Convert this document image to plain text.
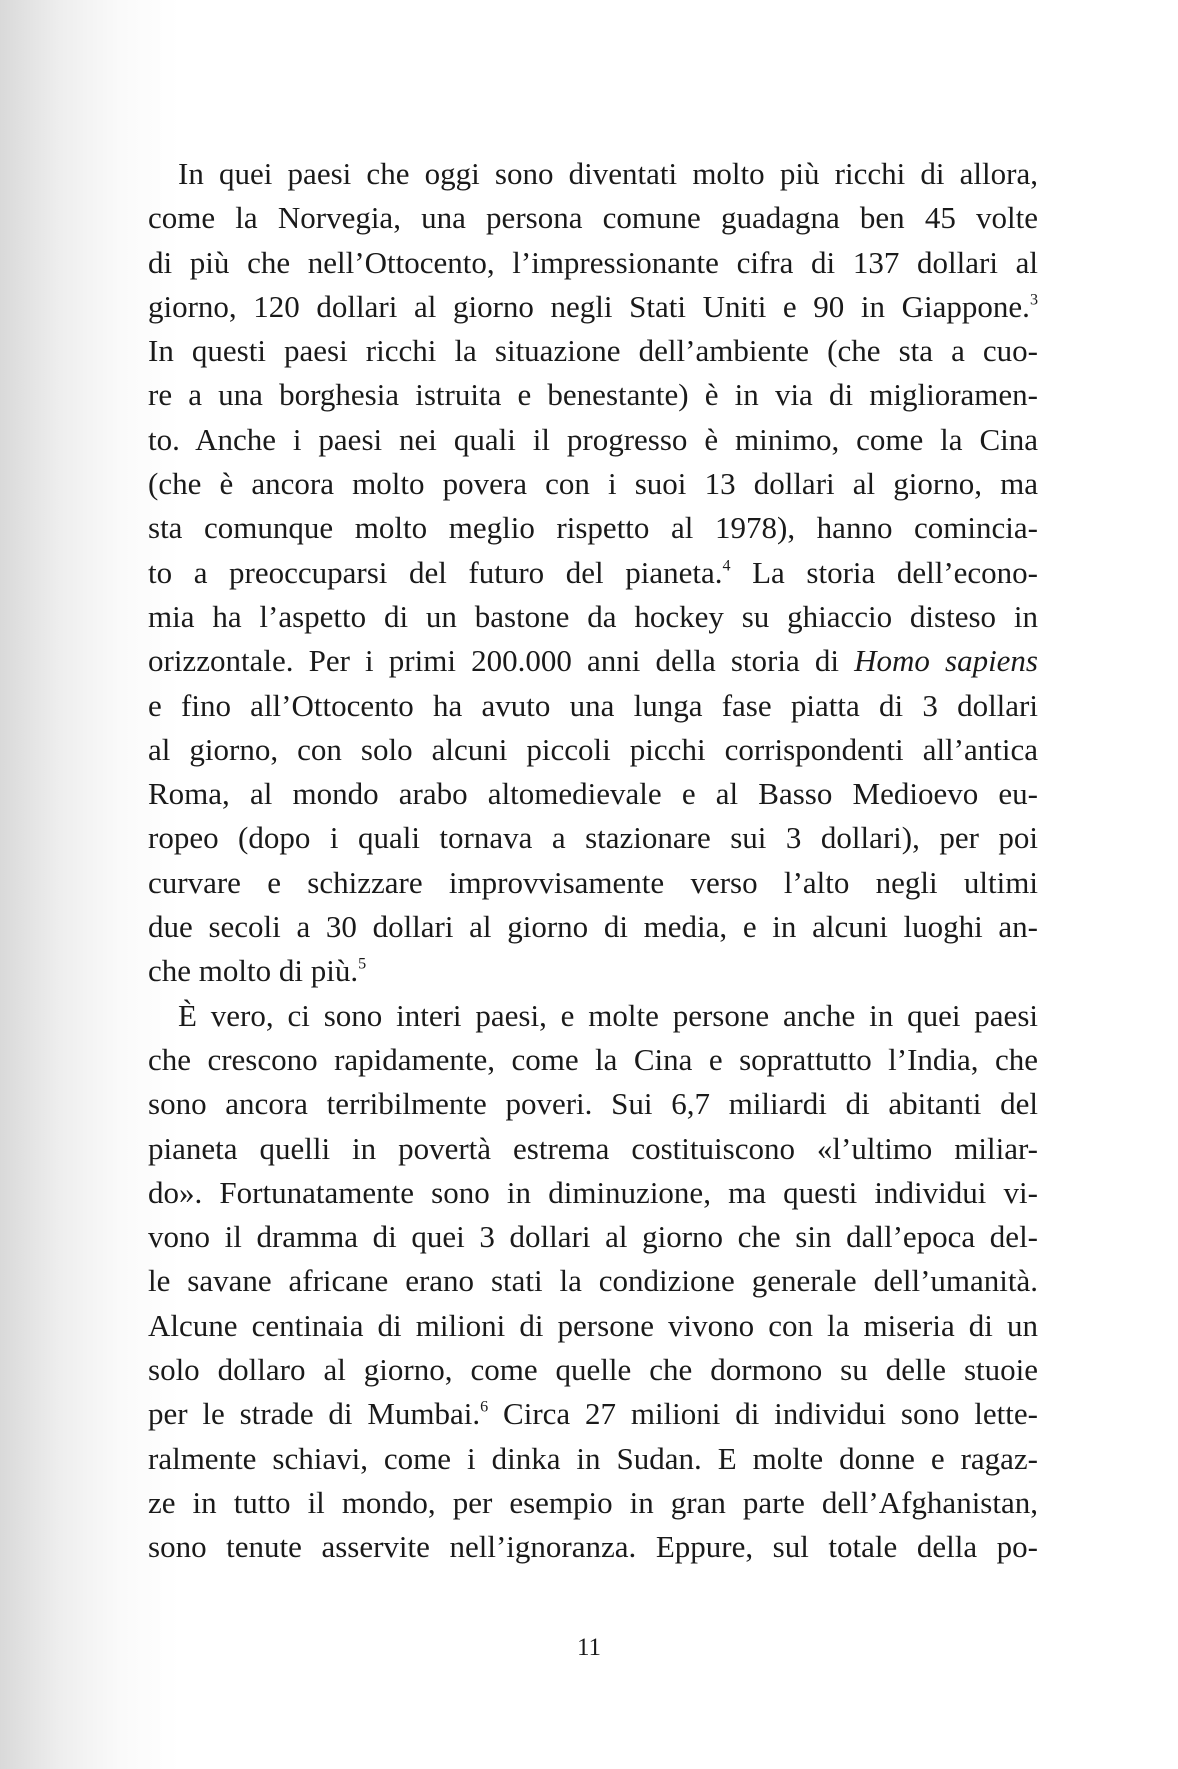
In quei paesi che oggi sono diventati molto più ricchi di allora,
come la Norvegia, una persona comune guadagna ben 45 volte
di più che nell’Ottocento, l’impressionante cifra di 137 dollari al
giorno, 120 dollari al giorno negli Stati Uniti e 90 in Giappone.$^3$
In questi paesi ricchi la situazione dell’ambiente (che sta a cuo-
re a una borghesia istruita e benestante) è in via di miglioramen-
to. Anche i paesi nei quali il progresso è minimo, come la Cina
(che è ancora molto povera con i suoi 13 dollari al giorno, ma
sta comunque molto meglio rispetto al 1978), hanno comincia-
to a preoccuparsi del futuro del pianeta.$^4$ La storia dell’econo-
mia ha l’aspetto di un bastone da hockey su ghiaccio disteso in
orizzontale. Per i primi 200.000 anni della storia di Homo sapiens
e fino all’Ottocento ha avuto una lunga fase piatta di 3 dollari
al giorno, con solo alcuni piccoli picchi corrispondenti all’antica
Roma, al mondo arabo altomedievale e al Basso Medioevo eu-
ropeo (dopo i quali tornava a stazionare sui 3 dollari), per poi
curvare e schizzare improvvisamente verso l’alto negli ultimi
due secoli a 30 dollari al giorno di media, e in alcuni luoghi an-
che molto di più.$^5$
È vero, ci sono interi paesi, e molte persone anche in quei paesi
che crescono rapidamente, come la Cina e soprattutto l’India, che
sono ancora terribilmente poveri. Sui 6,7 miliardi di abitanti del
pianeta quelli in povertà estrema costituiscono «l’ultimo miliar-
do». Fortunatamente sono in diminuzione, ma questi individui vi-
vono il dramma di quei 3 dollari al giorno che sin dall’epoca del-
le savane africane erano stati la condizione generale dell’umanità.
Alcune centinaia di milioni di persone vivono con la miseria di un
solo dollaro al giorno, come quelle che dormono su delle stuoie
per le strade di Mumbai.$^6$ Circa 27 milioni di individui sono lette-
ralmente schiavi, come i dinka in Sudan. E molte donne e ragaz-
ze in tutto il mondo, per esempio in gran parte dell’Afghanistan,
sono tenute asservite nell’ignoranza. Eppure, sul totale della po-
11
